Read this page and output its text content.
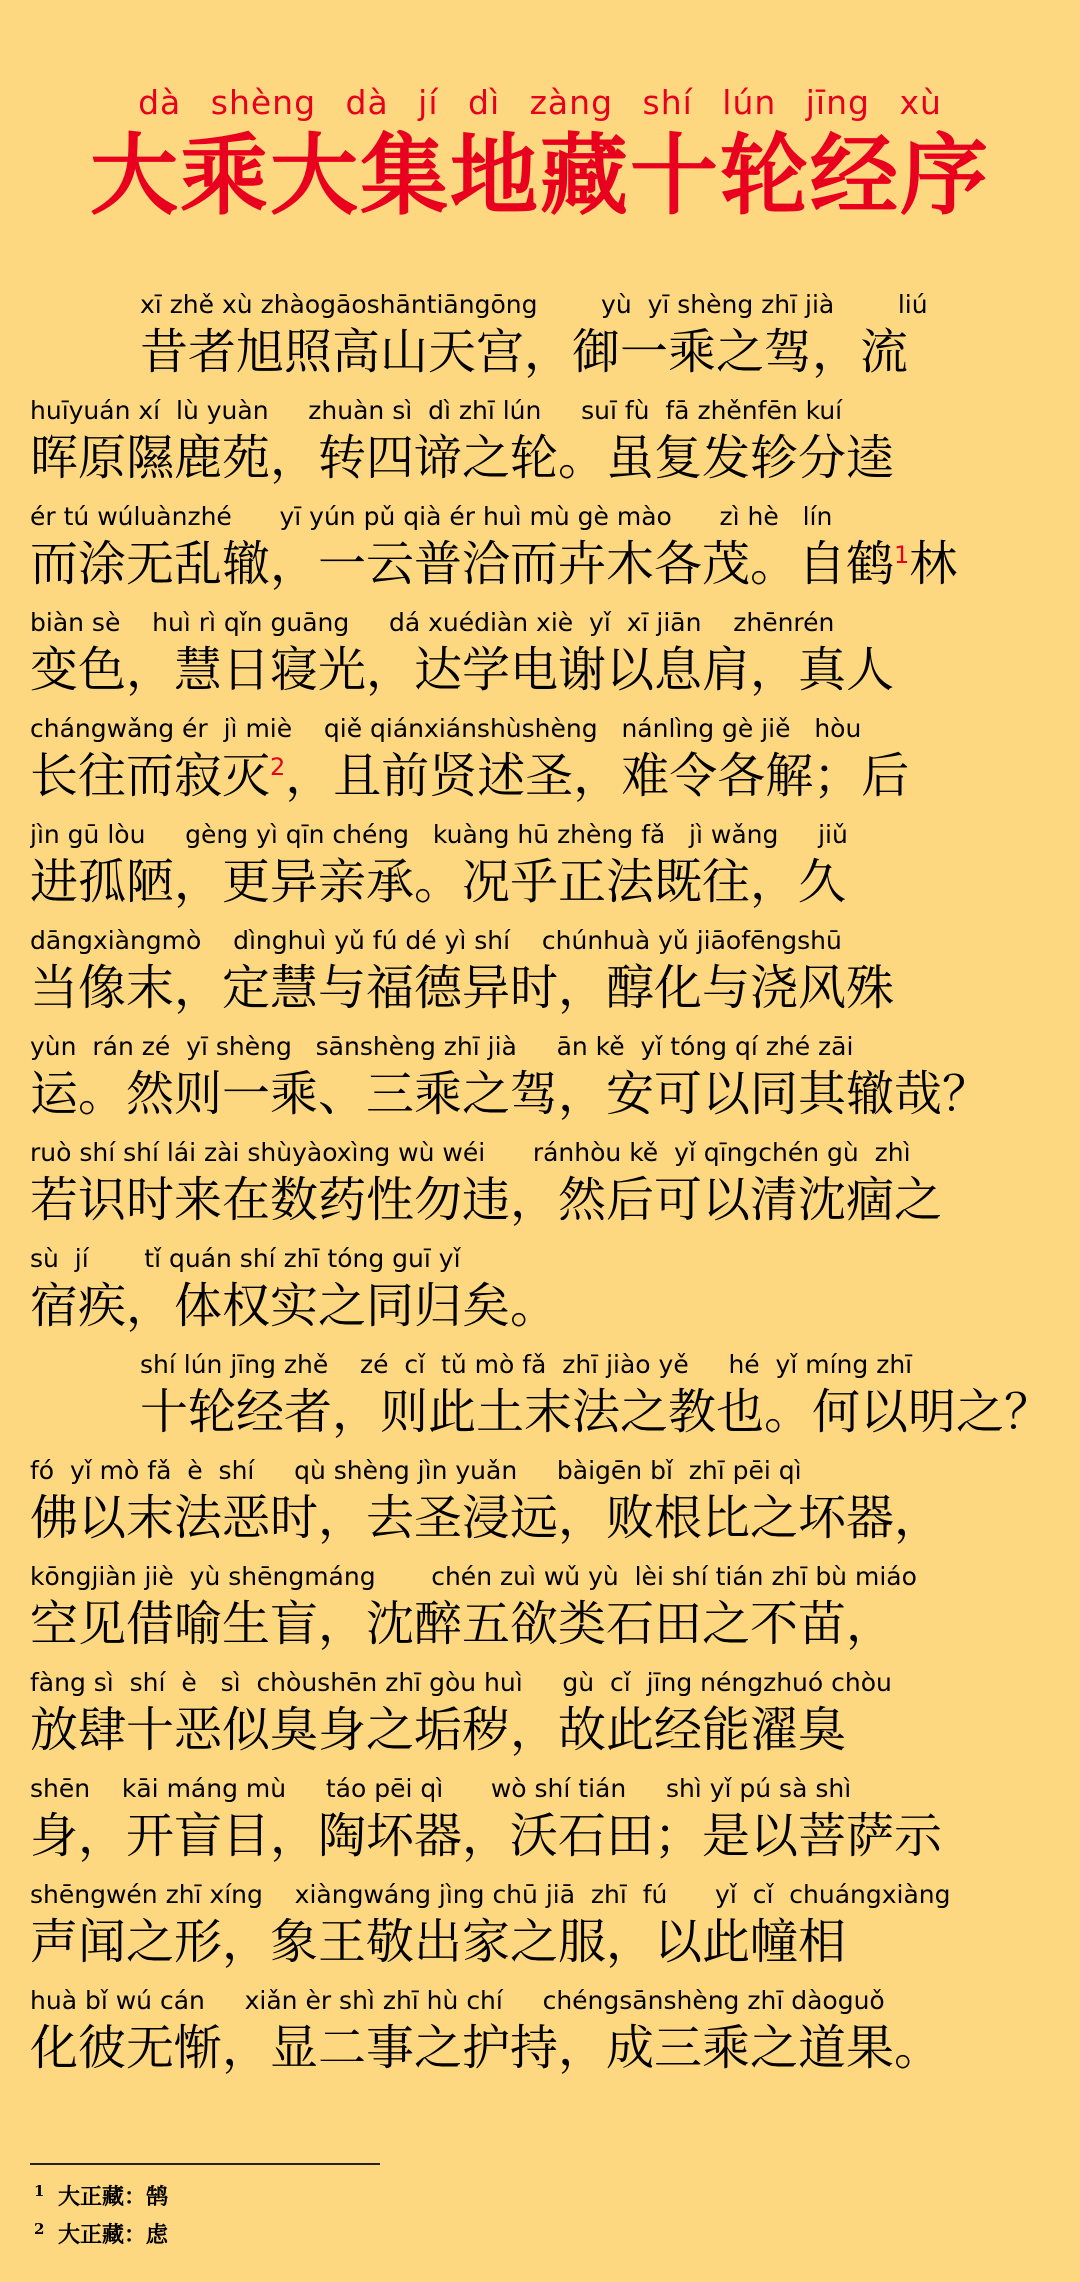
dà shèng dà jí dì zàng shí lún jīng xù
大乘大集地藏十轮经序
xī zhě xù zhàogāoshāntiāngōng        yù  yī shèng zhī jià        liú
昔者旭照高山天宫，御一乘之驾，流
huīyuán xí  lù yuàn     zhuàn sì  dì zhī lún     suī fù  fā zhěnfēn kuí
晖原隰鹿苑，转四谛之轮。虽复发轸分逵
ér tú wúluànzhé      yī yún pǔ qià ér huì mù gè mào      zì hè   lín
而涂无乱辙，一云普洽而卉木各茂。自鹤$^1$林
biàn sè    huì rì qǐn guāng     dá xuédiàn xiè  yǐ  xī jiān    zhēnrén
变色，慧日寝光，达学电谢以息肩，真人
chángwǎng ér  jì miè    qiě qiánxiánshùshèng   nánlìng gè jiě   hòu
长往而寂灭$^2$，且前贤述圣，难令各解；后
jìn gū lòu     gèng yì qīn chéng   kuàng hū zhèng fǎ   jì wǎng     jiǔ
进孤陋，更异亲承。况乎正法既往，久
dāngxiàngmò    dìnghuì yǔ fú dé yì shí    chúnhuà yǔ jiāofēngshū
当像末，定慧与福德异时，醇化与浇风殊
yùn  rán zé  yī shèng   sānshèng zhī jià     ān kě  yǐ tóng qí zhé zāi
运。然则一乘、三乘之驾，安可以同其辙哉？
ruò shí shí lái zài shùyàoxìng wù wéi      ránhòu kě  yǐ qīngchén gù  zhì
若识时来在数药性勿违，然后可以清沈痼之
sù  jí       tǐ quán shí zhī tóng guī yǐ
宿疾，体权实之同归矣。
shí lún jīng zhě    zé  cǐ  tǔ mò fǎ  zhī jiào yě     hé  yǐ míng zhī
十轮经者，则此土末法之教也。何以明之？
fó  yǐ mò fǎ  è  shí     qù shèng jìn yuǎn     bàigēn bǐ  zhī pēi qì
佛以末法恶时，去圣浸远，败根比之坏器，
kōngjiàn jiè  yù shēngmáng       chén zuì wǔ yù  lèi shí tián zhī bù miáo
空见借喻生盲，沈醉五欲类石田之不苗，
fàng sì  shí  è   sì  chòushēn zhī gòu huì     gù  cǐ  jīng néngzhuó chòu
放肆十恶似臭身之垢秽，故此经能濯臭
shēn    kāi máng mù     táo pēi qì      wò shí tián     shì yǐ pú sà shì
身，开盲目，陶坏器，沃石田；是以菩萨示
shēngwén zhī xíng    xiàngwáng jìng chū jiā  zhī  fú      yǐ  cǐ  chuángxiàng
声闻之形，象王敬出家之服，以此幢相
huà bǐ wú cán     xiǎn èr shì zhī hù chí     chéngsānshèng zhī dàoguǒ
化彼无惭，显二事之护持，成三乘之道果。
1 大正藏：鹄
2 大正藏：虑
